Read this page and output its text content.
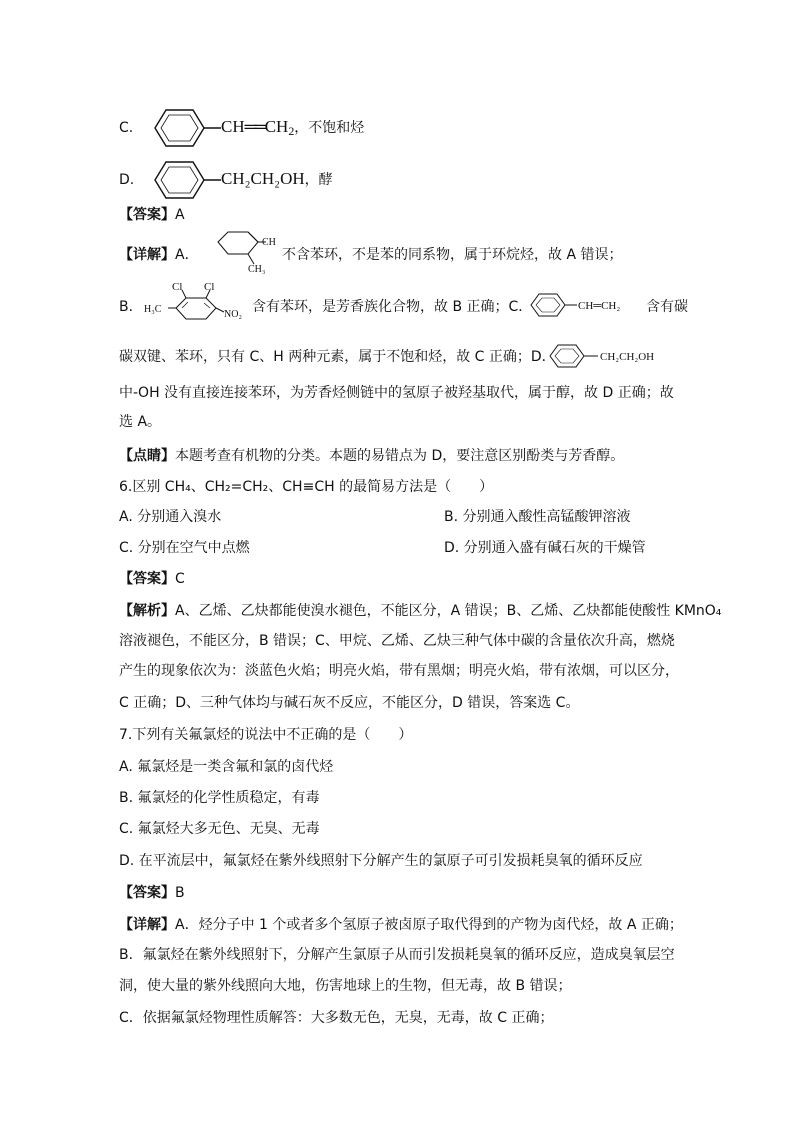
C.	$CH══CH_2$，不饱和烃
D.	CH₂CH₂OH，酵
【答案】A
【详解】A．
CH
CH₃
不含苯环，不是苯的同系物，属于环烷烃，故 A 错误；
B．
Cl Cl
H₃C	NO₂ 含有苯环，是芳香族化合物，故 B 正确；C．	CH═CH₂ 含有碳
碳双键、苯环，只有 C、H 两种元素，属于不饱和烃，故 C 正确；D．	CH₂CH₂OH
中-OH 没有直接连接苯环，为芳香烃侧链中的氢原子被羟基取代，属于醇，故 D 正确；故
选 A。
【点睛】本题考查有机物的分类。本题的易错点为 D，要注意区别酚类与芳香醇。
6.区别 CH₄、CH₂=CH₂、CH≡CH 的最简易方法是（　　）
A. 分别通入溴水	B. 分别通入酸性高锰酸钾溶液
C. 分别在空气中点燃	D. 分别通入盛有碱石灰的干燥管
【答案】C
【解析】A、乙烯、乙炔都能使溴水褪色，不能区分，A 错误；B、乙烯、乙炔都能使酸性 KMnO₄
溶液褪色，不能区分，B 错误；C、甲烷、乙烯、乙炔三种气体中碳的含量依次升高，燃烧
产生的现象依次为：淡蓝色火焰；明亮火焰，带有黑烟；明亮火焰，带有浓烟，可以区分，
C 正确；D、三种气体均与碱石灰不反应，不能区分，D 错误，答案选 C。
7.下列有关氟氯烃的说法中不正确的是（　　）
A. 氟氯烃是一类含氟和氯的卤代烃
B. 氟氯烃的化学性质稳定，有毒
C. 氟氯烃大多无色、无臭、无毒
D. 在平流层中，氟氯烃在紫外线照射下分解产生的氯原子可引发损耗臭氧的循环反应
【答案】B
【详解】A．烃分子中 1 个或者多个氢原子被卤原子取代得到的产物为卤代烃，故 A 正确；
B．氟氯烃在紫外线照射下，分解产生氯原子从而引发损耗臭氧的循环反应，造成臭氧层空
洞，使大量的紫外线照向大地，伤害地球上的生物，但无毒，故 B 错误；
C．依据氟氯烃物理性质解答：大多数无色，无臭，无毒，故 C 正确；
